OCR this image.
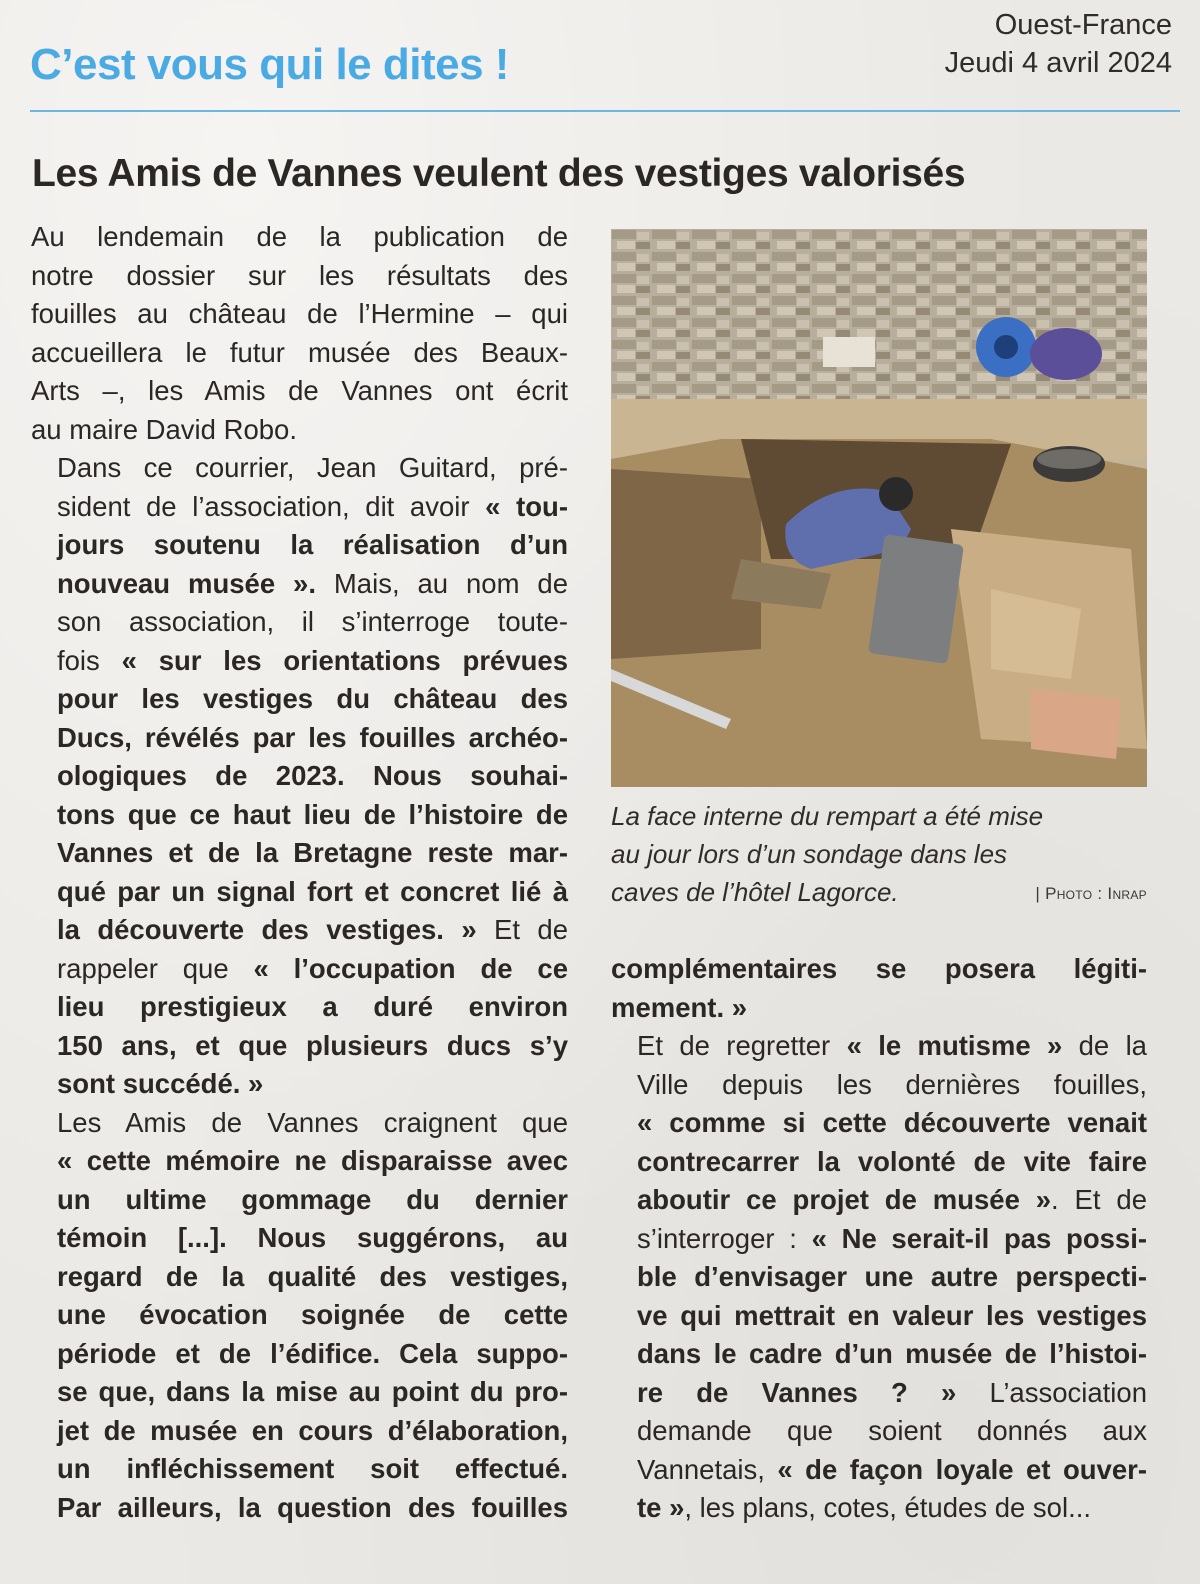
C’est vous qui le dites !
Ouest-France
Jeudi 4 avril 2024
Les Amis de Vannes veulent des vestiges valorisés

Au lendemain de la publication de
notre dossier sur les résultats des
fouilles au château de l’Hermine – qui
accueillera le futur musée des Beaux-
Arts –, les Amis de Vannes ont écrit
au maire David Robo.

Dans ce courrier, Jean Guitard, pré-
sident de l’association, dit avoir « tou-
jours soutenu la réalisation d’un
nouveau musée ». Mais, au nom de
son association, il s’interroge toute-
fois « sur les orientations prévues
pour les vestiges du château des
Ducs, révélés par les fouilles archéo-
ologiques de 2023. Nous souhai-
tons que ce haut lieu de l’histoire de
Vannes et de la Bretagne reste mar-
qué par un signal fort et concret lié à
la découverte des vestiges. » Et de
rappeler que « l’occupation de ce
lieu prestigieux a duré environ
150 ans, et que plusieurs ducs s’y
sont succédé. »

Les Amis de Vannes craignent que
« cette mémoire ne disparaisse avec
un ultime gommage du dernier
témoin [...]. Nous suggérons, au
regard de la qualité des vestiges,
une évocation soignée de cette
période et de l’édifice. Cela suppo-
se que, dans la mise au point du pro-
jet de musée en cours d’élaboration,
un infléchissement soit effectué.
Par ailleurs, la question des fouilles

La face interne du rempart a été mise
au jour lors d’un sondage dans les
caves de l’hôtel Lagorce.	| Photo : Inrap

complémentaires se posera légiti-
mement. »

Et de regretter « le mutisme » de la
Ville depuis les dernières fouilles,
« comme si cette découverte venait
contrecarrer la volonté de vite faire
aboutir ce projet de musée ». Et de
s’interroger : « Ne serait-il pas possi-
ble d’envisager une autre perspecti-
ve qui mettrait en valeur les vestiges
dans le cadre d’un musée de l’histoi-
re de Vannes ? » L’association
demande que soient donnés aux
Vannetais, « de façon loyale et ouver-
te », les plans, cotes, études de sol...
